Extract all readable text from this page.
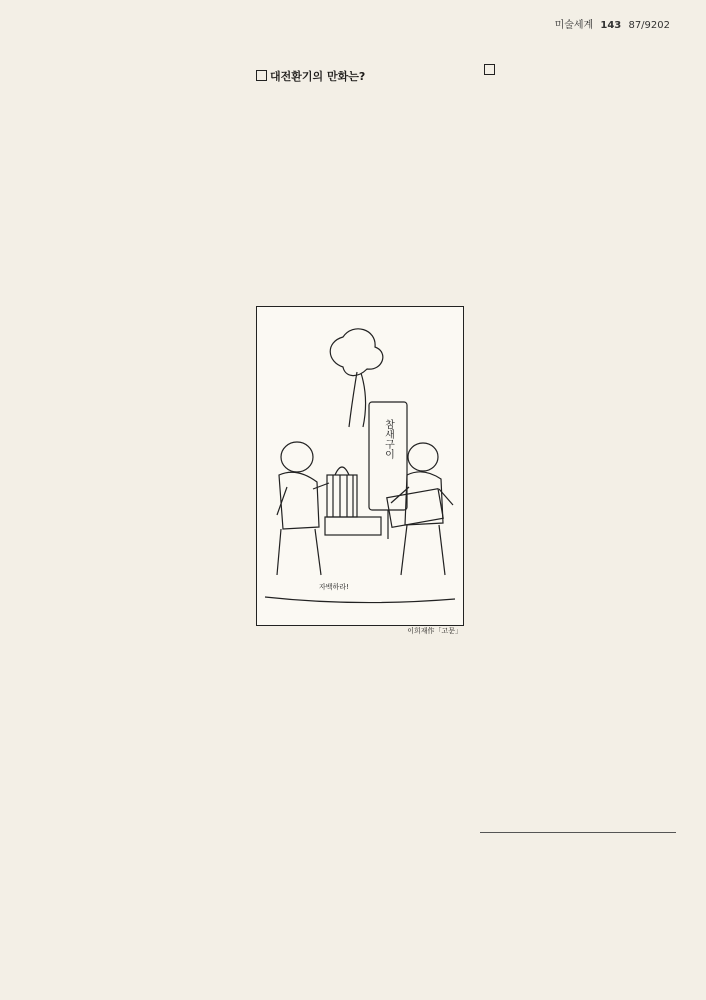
미술세계 143 87/9202

대전환기의 만화는?

참새구이
자백하라!
이희재作「고문」
